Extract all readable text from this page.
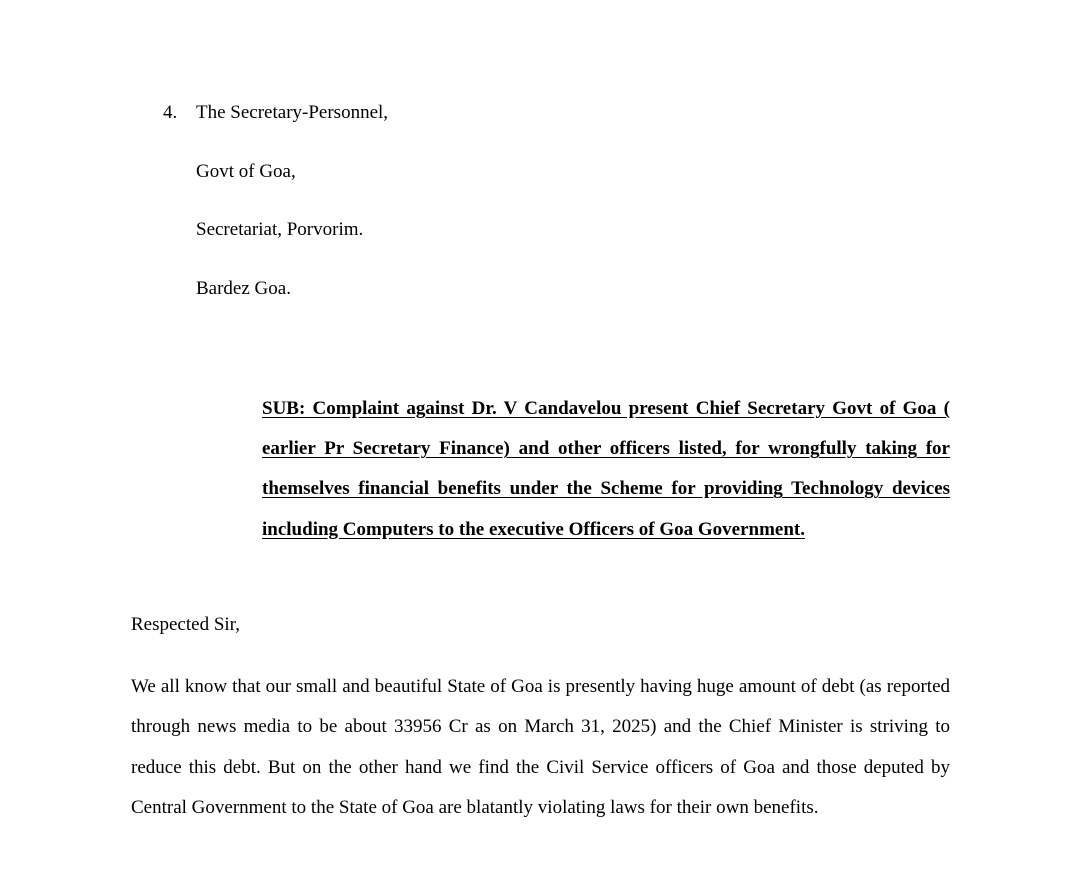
4. The Secretary-Personnel,
Govt of Goa,
Secretariat, Porvorim.
Bardez Goa.
SUB: Complaint against Dr. V Candavelou present Chief Secretary Govt of Goa ( earlier Pr Secretary Finance) and other officers listed, for wrongfully taking for themselves financial benefits under the Scheme for providing Technology devices including Computers to the executive Officers of Goa Government.
Respected Sir,
We all know that our small and beautiful State of Goa is presently having huge amount of debt (as reported through news media to be about 33956 Cr as on March 31, 2025) and the Chief Minister is striving to reduce this debt. But on the other hand we find the Civil Service officers of Goa and those deputed by Central Government to the State of Goa are blatantly violating laws for their own benefits.
